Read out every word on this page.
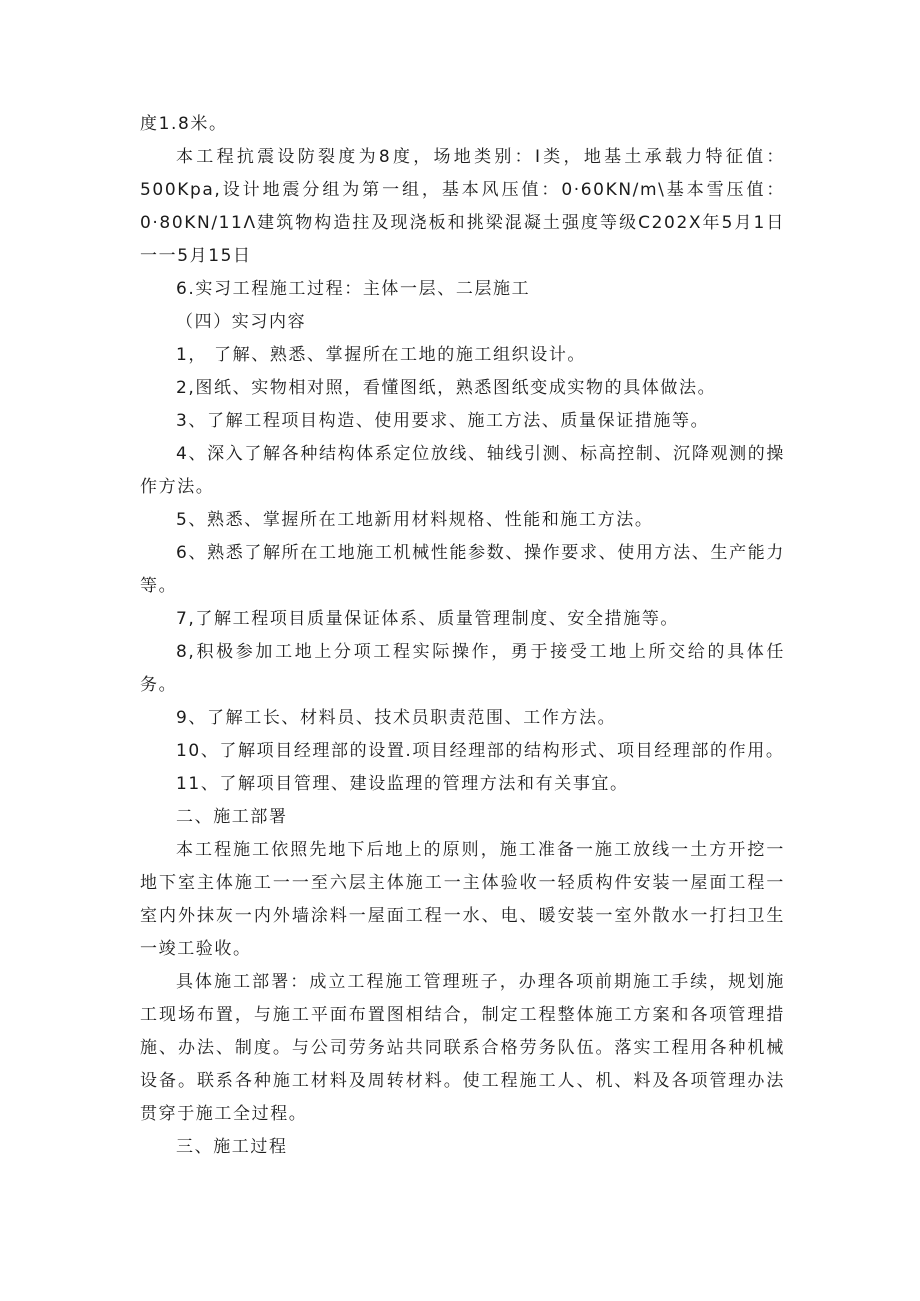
度1.8米。

本工程抗震设防裂度为8度，场地类别：Ⅰ类，地基土承载力特征值：500Kpa,设计地震分组为第一组，基本风压值：0·60KN∕m\基本雪压值：0·80KN∕11Λ建筑物构造拄及现浇板和挑梁混凝土强度等级C202X年5月1日一一5月15日

6.实习工程施工过程：主体一层、二层施工

（四）实习内容

1， 了解、熟悉、掌握所在工地的施工组织设计。

2,图纸、实物相对照，看懂图纸，熟悉图纸变成实物的具体做法。

3、了解工程项目构造、使用要求、施工方法、质量保证措施等。

4、深入了解各种结构体系定位放线、轴线引测、标高控制、沉降观测的操作方法。

5、熟悉、掌握所在工地新用材料规格、性能和施工方法。

6、熟悉了解所在工地施工机械性能参数、操作要求、使用方法、生产能力等。

7,了解工程项目质量保证体系、质量管理制度、安全措施等。

8,积极参加工地上分项工程实际操作，勇于接受工地上所交给的具体任务。

9、了解工长、材料员、技术员职责范围、工作方法。

10、了解项目经理部的设置.项目经理部的结构形式、项目经理部的作用。

11、了解项目管理、建设监理的管理方法和有关事宜。

二、施工部署

本工程施工依照先地下后地上的原则，施工准备一施工放线一土方开挖一地下室主体施工一一至六层主体施工一主体验收一轻质构件安装一屋面工程一室内外抹灰一内外墙涂料一屋面工程一水、电、暖安装一室外散水一打扫卫生一竣工验收。

具体施工部署：成立工程施工管理班子，办理各项前期施工手续，规划施工现场布置，与施工平面布置图相结合，制定工程整体施工方案和各项管理措施、办法、制度。与公司劳务站共同联系合格劳务队伍。落实工程用各种机械设备。联系各种施工材料及周转材料。使工程施工人、机、料及各项管理办法贯穿于施工全过程。

三、施工过程
